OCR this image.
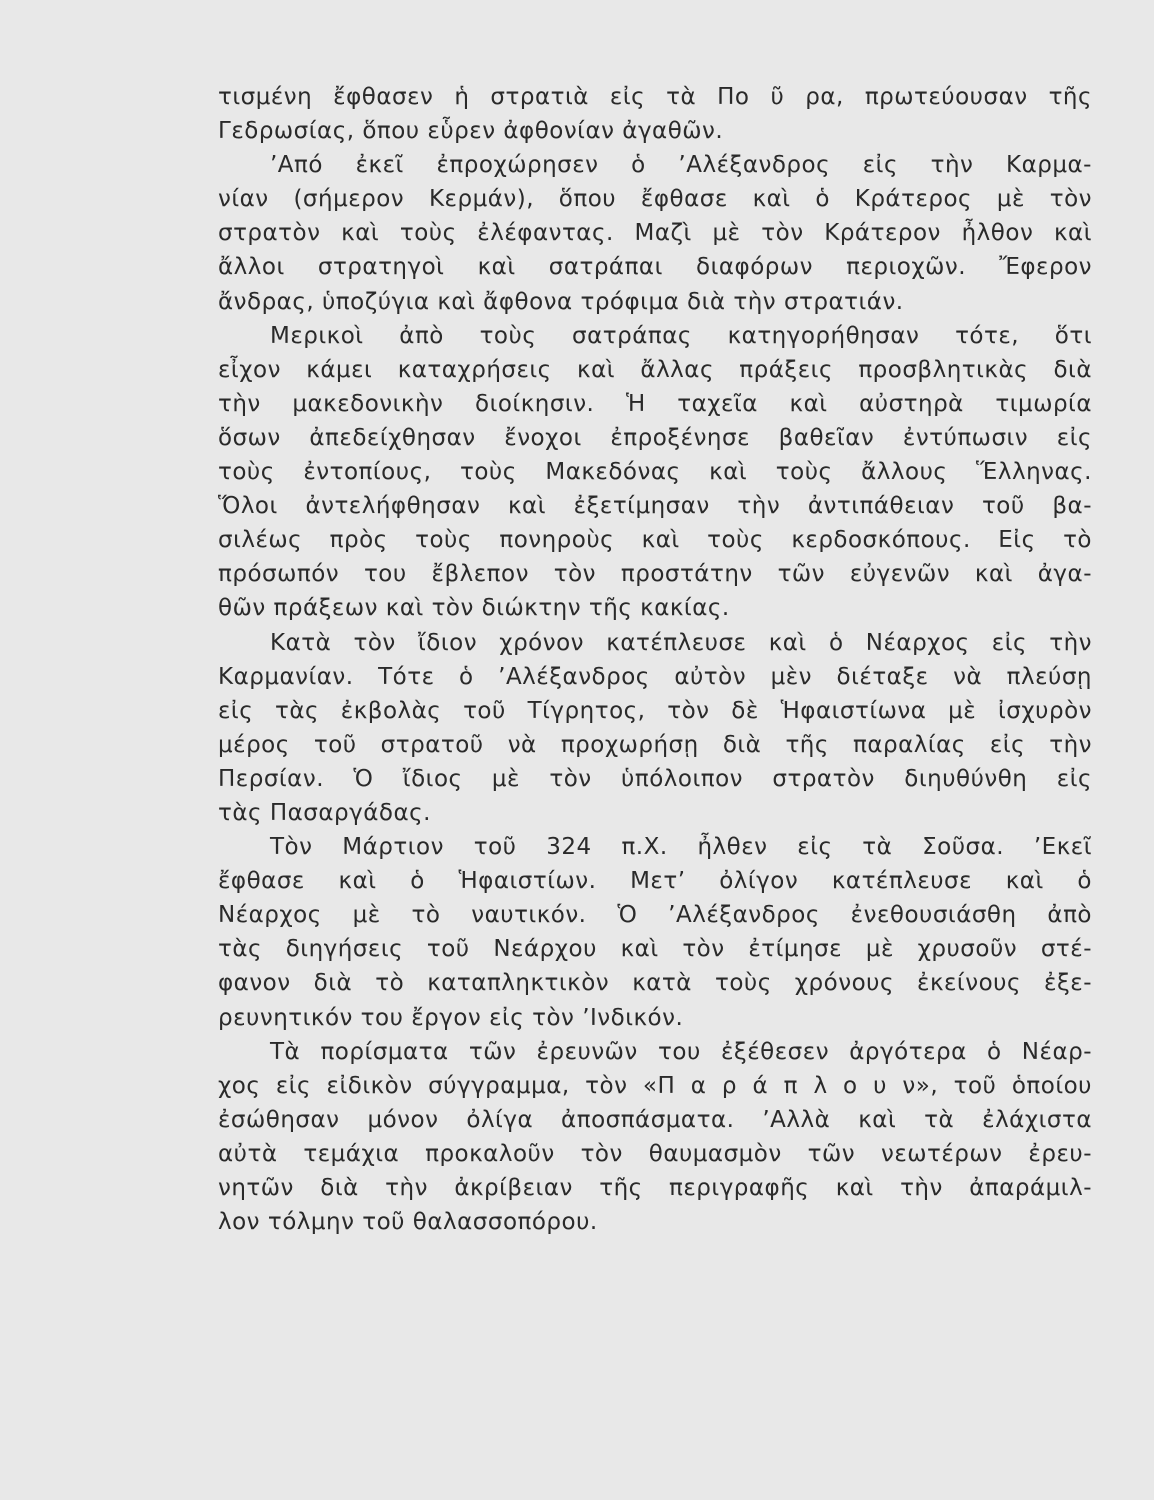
τισμένη ἔφθασεν ἡ στρατιὰ εἰς τὰ Πο ῦ ρα, πρωτεύουσαν τῆς
Γεδρωσίας, ὅπου εὗρεν ἀφθονίαν ἀγαθῶν.
’Από ἐκεῖ ἐπροχώρησεν ὁ ’Αλέξανδρος εἰς τὴν Καρμα-
νίαν (σήμερον Κερμάν), ὅπου ἔφθασε καὶ ὁ Κράτερος μὲ τὸν
στρατὸν καὶ τοὺς ἐλέφαντας. Μαζὶ μὲ τὸν Κράτερον ἦλθον καὶ
ἄλλοι στρατηγοὶ καὶ σατράπαι διαφόρων περιοχῶν. Ἔφερον
ἄνδρας, ὑποζύγια καὶ ἄφθονα τρόφιμα διὰ τὴν στρατιάν.
Μερικοὶ ἀπὸ τοὺς σατράπας κατηγορήθησαν τότε, ὅτι
εἶχον κάμει καταχρήσεις καὶ ἄλλας πράξεις προσβλητικὰς διὰ
τὴν μακεδονικὴν διοίκησιν. Ἡ ταχεῖα καὶ αὐστηρὰ τιμωρία
ὅσων ἀπεδείχθησαν ἔνοχοι ἐπροξένησε βαθεῖαν ἐντύπωσιν εἰς
τοὺς ἐντοπίους, τοὺς Μακεδόνας καὶ τοὺς ἄλλους Ἕλληνας.
Ὅλοι ἀντελήφθησαν καὶ ἐξετίμησαν τὴν ἀντιπάθειαν τοῦ βα-
σιλέως πρὸς τοὺς πονηροὺς καὶ τοὺς κερδοσκόπους. Εἰς τὸ
πρόσωπόν του ἔβλεπον τὸν προστάτην τῶν εὐγενῶν καὶ ἀγα-
θῶν πράξεων καὶ τὸν διώκτην τῆς κακίας.
Κατὰ τὸν ἴδιον χρόνον κατέπλευσε καὶ ὁ Νέαρχος εἰς τὴν
Καρμανίαν. Τότε ὁ ’Αλέξανδρος αὐτὸν μὲν διέταξε νὰ πλεύσῃ
εἰς τὰς ἐκβολὰς τοῦ Τίγρητος, τὸν δὲ Ἡφαιστίωνα μὲ ἰσχυρὸν
μέρος τοῦ στρατοῦ νὰ προχωρήσῃ διὰ τῆς παραλίας εἰς τὴν
Περσίαν. Ὁ ἴδιος μὲ τὸν ὑπόλοιπον στρατὸν διηυθύνθη εἰς
τὰς Πασαργάδας.
Τὸν Μάρτιον τοῦ 324 π.Χ. ἦλθεν εἰς τὰ Σοῦσα. ’Εκεῖ
ἔφθασε καὶ ὁ Ἡφαιστίων. Μετ’ ὀλίγον κατέπλευσε καὶ ὁ
Νέαρχος μὲ τὸ ναυτικόν. Ὁ ’Αλέξανδρος ἐνεθουσιάσθη ἀπὸ
τὰς διηγήσεις τοῦ Νεάρχου καὶ τὸν ἐτίμησε μὲ χρυσοῦν στέ-
φανον διὰ τὸ καταπληκτικὸν κατὰ τοὺς χρόνους ἐκείνους ἐξε-
ρευνητικόν του ἔργον εἰς τὸν ’Ινδικόν.
Τὰ πορίσματα τῶν ἐρευνῶν του ἐξέθεσεν ἀργότερα ὁ Νέαρ-
χος εἰς εἰδικὸν σύγγραμμα, τὸν «Π α ρ ά π λ ο υ ν», τοῦ ὁποίου
ἐσώθησαν μόνον ὀλίγα ἀποσπάσματα. ’Αλλὰ καὶ τὰ ἐλάχιστα
αὐτὰ τεμάχια προκαλοῦν τὸν θαυμασμὸν τῶν νεωτέρων ἐρευ-
νητῶν διὰ τὴν ἀκρίβειαν τῆς περιγραφῆς καὶ τὴν ἀπαράμιλ-
λον τόλμην τοῦ θαλασσοπόρου.
